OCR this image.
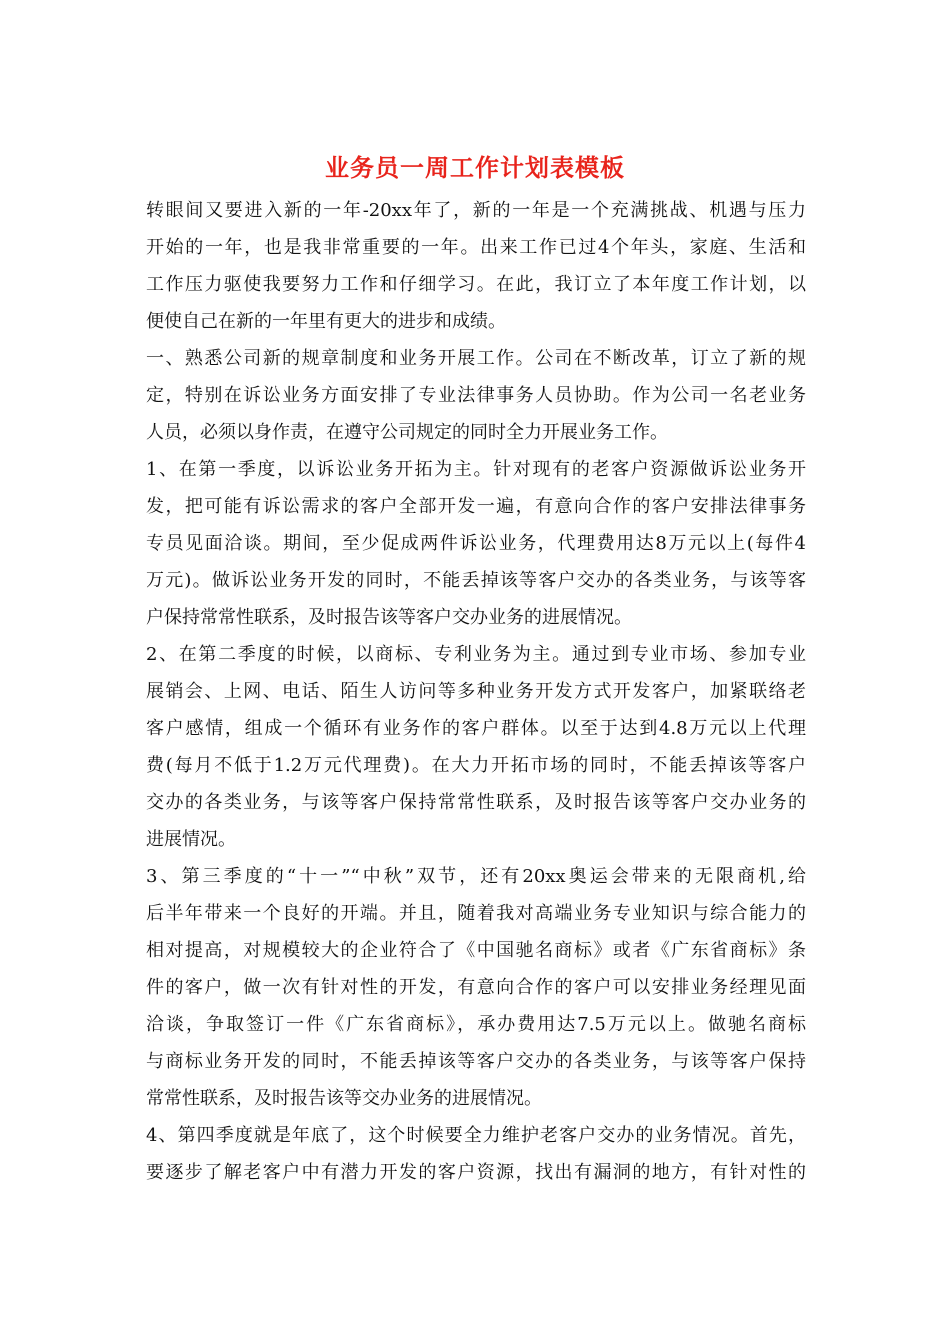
业务员一周工作计划表模板
转眼间又要进入新的一年-20xx年了，新的一年是一个充满挑战、机遇与压力
开始的一年，也是我非常重要的一年。出来工作已过4个年头，家庭、生活和
工作压力驱使我要努力工作和仔细学习。在此，我订立了本年度工作计划，以
便使自己在新的一年里有更大的进步和成绩。
一、熟悉公司新的规章制度和业务开展工作。公司在不断改革，订立了新的规
定，特别在诉讼业务方面安排了专业法律事务人员协助。作为公司一名老业务
人员，必须以身作责，在遵守公司规定的同时全力开展业务工作。
1、在第一季度，以诉讼业务开拓为主。针对现有的老客户资源做诉讼业务开
发，把可能有诉讼需求的客户全部开发一遍，有意向合作的客户安排法律事务
专员见面洽谈。期间，至少促成两件诉讼业务，代理费用达8万元以上(每件4
万元)。做诉讼业务开发的同时，不能丢掉该等客户交办的各类业务，与该等客
户保持常常性联系，及时报告该等客户交办业务的进展情况。
2、在第二季度的时候，以商标、专利业务为主。通过到专业市场、参加专业
展销会、上网、电话、陌生人访问等多种业务开发方式开发客户，加紧联络老
客户感情，组成一个循环有业务作的客户群体。以至于达到4.8万元以上代理
费(每月不低于1.2万元代理费)。在大力开拓市场的同时，不能丢掉该等客户
交办的各类业务，与该等客户保持常常性联系，及时报告该等客户交办业务的
进展情况。
3、第三季度的“十一”“中秋”双节，还有20xx奥运会带来的无限商机,给
后半年带来一个良好的开端。并且，随着我对高端业务专业知识与综合能力的
相对提高，对规模较大的企业符合了《中国驰名商标》或者《广东省商标》条
件的客户，做一次有针对性的开发，有意向合作的客户可以安排业务经理见面
洽谈，争取签订一件《广东省商标》，承办费用达7.5万元以上。做驰名商标
与商标业务开发的同时，不能丢掉该等客户交办的各类业务，与该等客户保持
常常性联系，及时报告该等交办业务的进展情况。
4、第四季度就是年底了，这个时候要全力维护老客户交办的业务情况。首先，
要逐步了解老客户中有潜力开发的客户资源，找出有漏洞的地方，有针对性的
